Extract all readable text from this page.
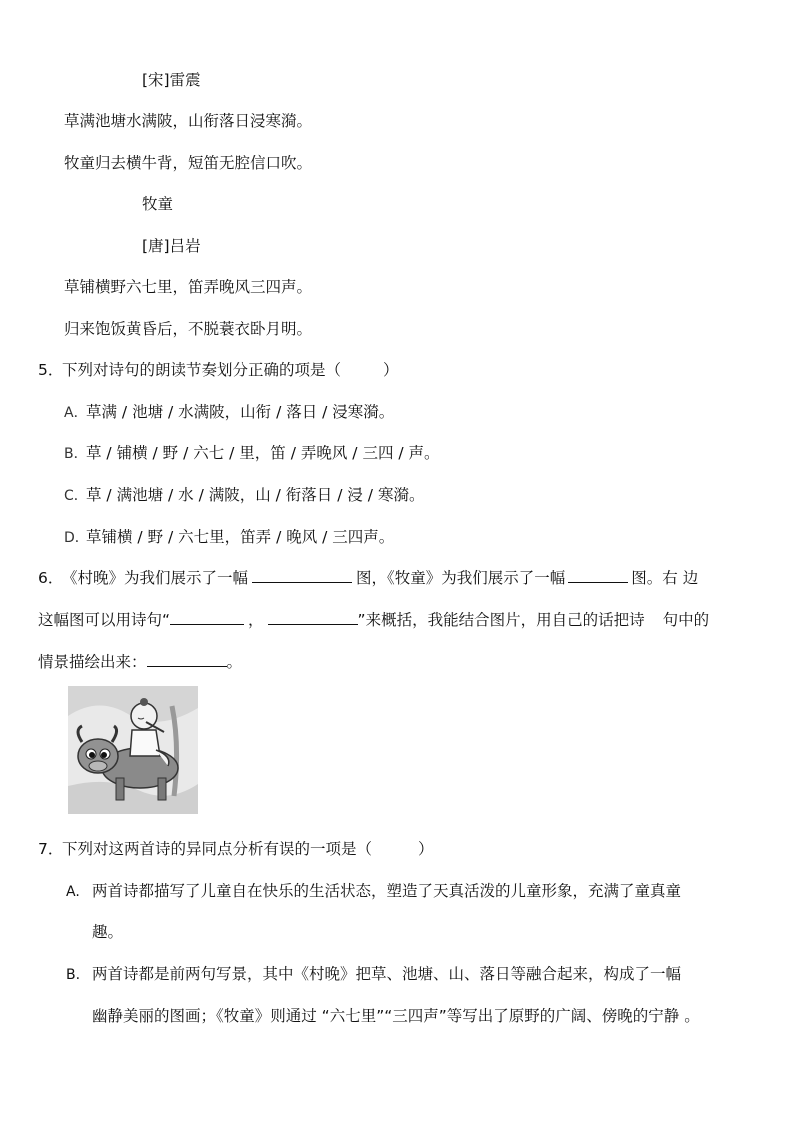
[宋]雷震
草满池塘水满陂，山衔落日浸寒漪。
牧童归去横牛背，短笛无腔信口吹。
牧童
[唐]吕岩
草铺横野六七里，笛弄晚风三四声。
归来饱饭黄昏后，不脱蓑衣卧月明。
5．下列对诗句的朗读节奏划分正确的项是（	）
A．草满 / 池塘 / 水满陂，山衔 / 落日 / 浸寒漪。
B．草 / 铺横 / 野 / 六七 / 里，笛 / 弄晚风 / 三四 / 声。
C．草 / 满池塘 / 水 / 满陂，山 / 衔落日 / 浸 / 寒漪。
D．草铺横 / 野 / 六七里，笛弄 / 晚风 / 三四声。
6．《村晚》为我们展示了一幅	图，《牧童》为我们展示了一幅	图。右 边
这幅图可以用诗句“	，	”来概括，我能结合图片，用自己的话把诗 句中的
情景描绘出来：	。
7．下列对这两首诗的异同点分析有误的一项是（	）
A. 两首诗都描写了儿童自在快乐的生活状态，塑造了天真活泼的儿童形象，充满了童真童
趣。
B. 两首诗都是前两句写景，其中《村晚》把草、池塘、山、落日等融合起来，构成了一幅
幽静美丽的图画；《牧童》则通过 “六七里”“三四声”等写出了原野的广阔、傍晚的宁静 。
